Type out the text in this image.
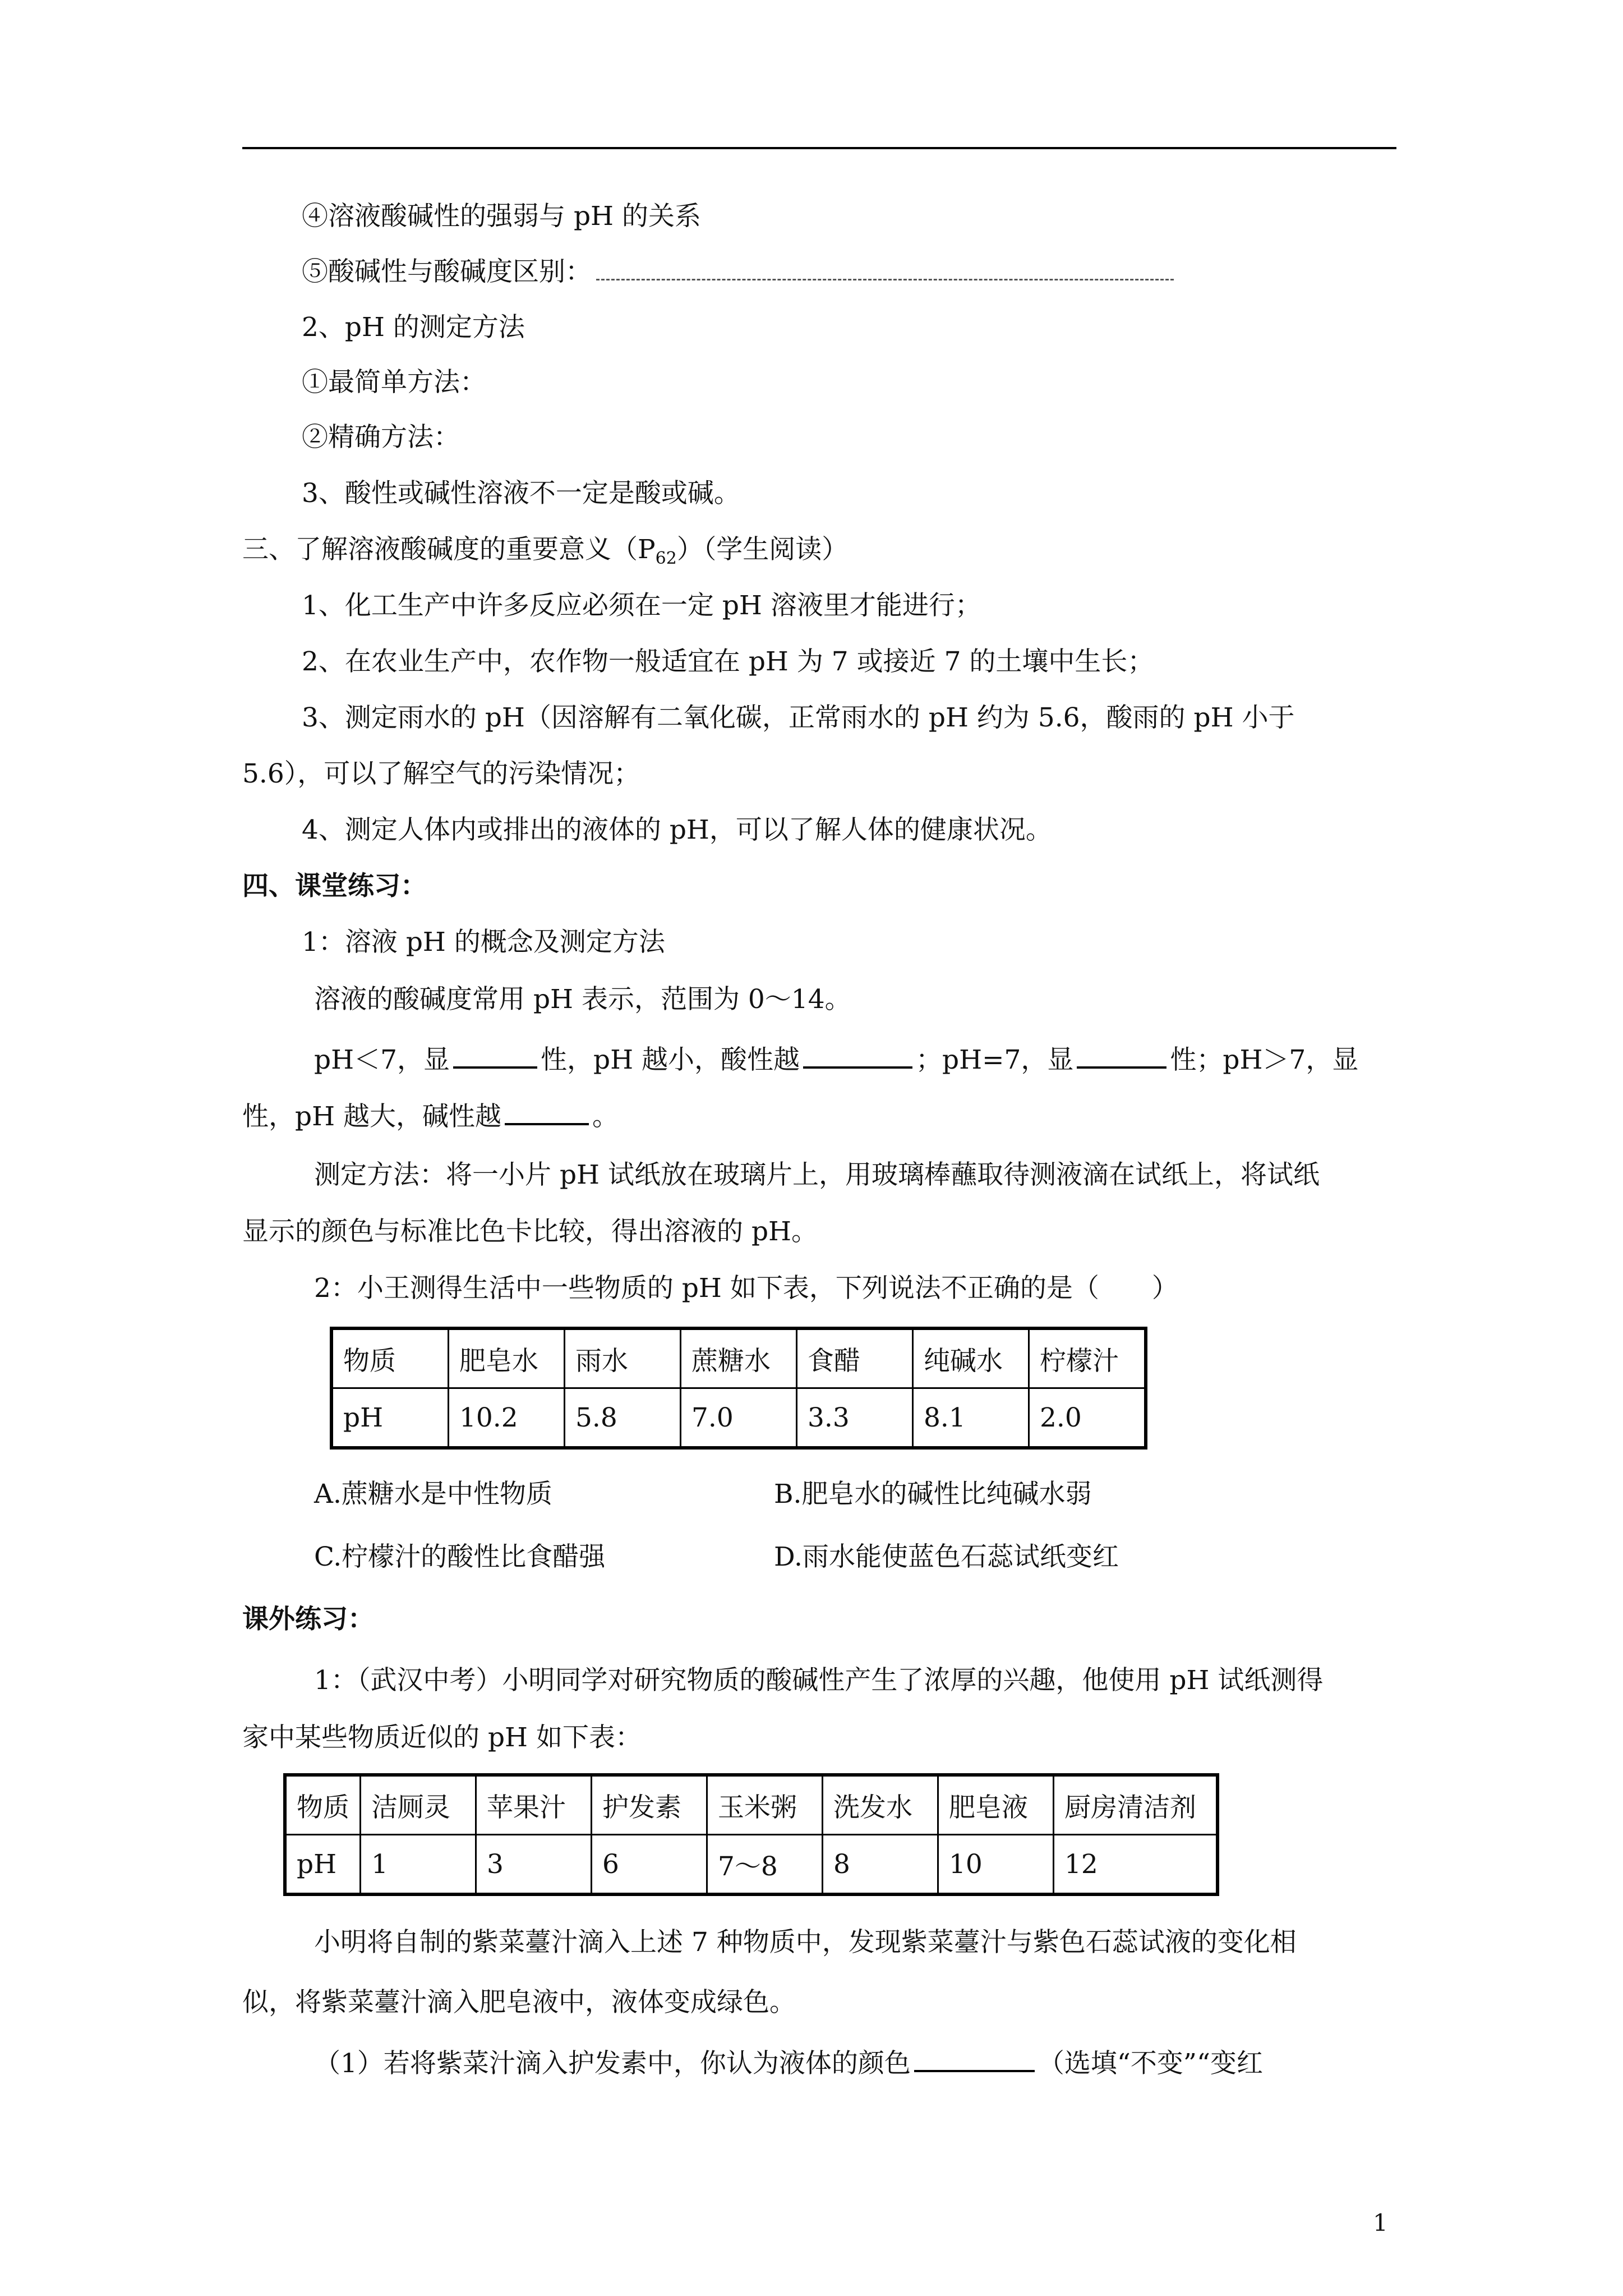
④溶液酸碱性的强弱与 pH 的关系
⑤酸碱性与酸碱度区别：
2、pH 的测定方法
①最简单方法：
②精确方法：
3、酸性或碱性溶液不一定是酸或碱。
三、了解溶液酸碱度的重要意义$(P_{62})$（学生阅读）
1、化工生产中许多反应必须在一定 pH 溶液里才能进行；
2、在农业生产中，农作物一般适宜在 pH 为 7 或接近 7 的土壤中生长；
3、测定雨水的 pH（因溶解有二氧化碳，正常雨水的 pH 约为 5.6，酸雨的 pH 小于
5.6），可以了解空气的污染情况；
4、测定人体内或排出的液体的 pH，可以了解人体的健康状况。
四、课堂练习：
1：溶液 pH 的概念及测定方法
溶液的酸碱度常用 pH 表示，范围为 0～14。
pH＜7，显	性，pH 越小，酸性越	；pH=7，显	性；pH＞7，显
性，pH 越大，碱性越	。
测定方法：将一小片 pH 试纸放在玻璃片上，用玻璃棒蘸取待测液滴在试纸上，将试纸
显示的颜色与标准比色卡比较，得出溶液的 pH。
2：小王测得生活中一些物质的 pH 如下表，下列说法不正确的是（　　）
物质	肥皂水	雨水	蔗糖水	食醋	纯碱水	柠檬汁
pH	10.2	5.8	7.0	3.3	8.1	2.0
A.蔗糖水是中性物质	B.肥皂水的碱性比纯碱水弱
C.柠檬汁的酸性比食醋强	D.雨水能使蓝色石蕊试纸变红
课外练习：
1：（武汉中考）小明同学对研究物质的酸碱性产生了浓厚的兴趣，他使用 pH 试纸测得
家中某些物质近似的 pH 如下表：
物质	洁厕灵	苹果汁	护发素	玉米粥	洗发水	肥皂液	厨房清洁剂
pH	1	3	6	7～8	8	10	12
小明将自制的紫菜薹汁滴入上述 7 种物质中，发现紫菜薹汁与紫色石蕊试液的变化相
似，将紫菜薹汁滴入肥皂液中，液体变成绿色。
（1）若将紫菜汁滴入护发素中，你认为液体的颜色	（选填“不变”“变红
1
